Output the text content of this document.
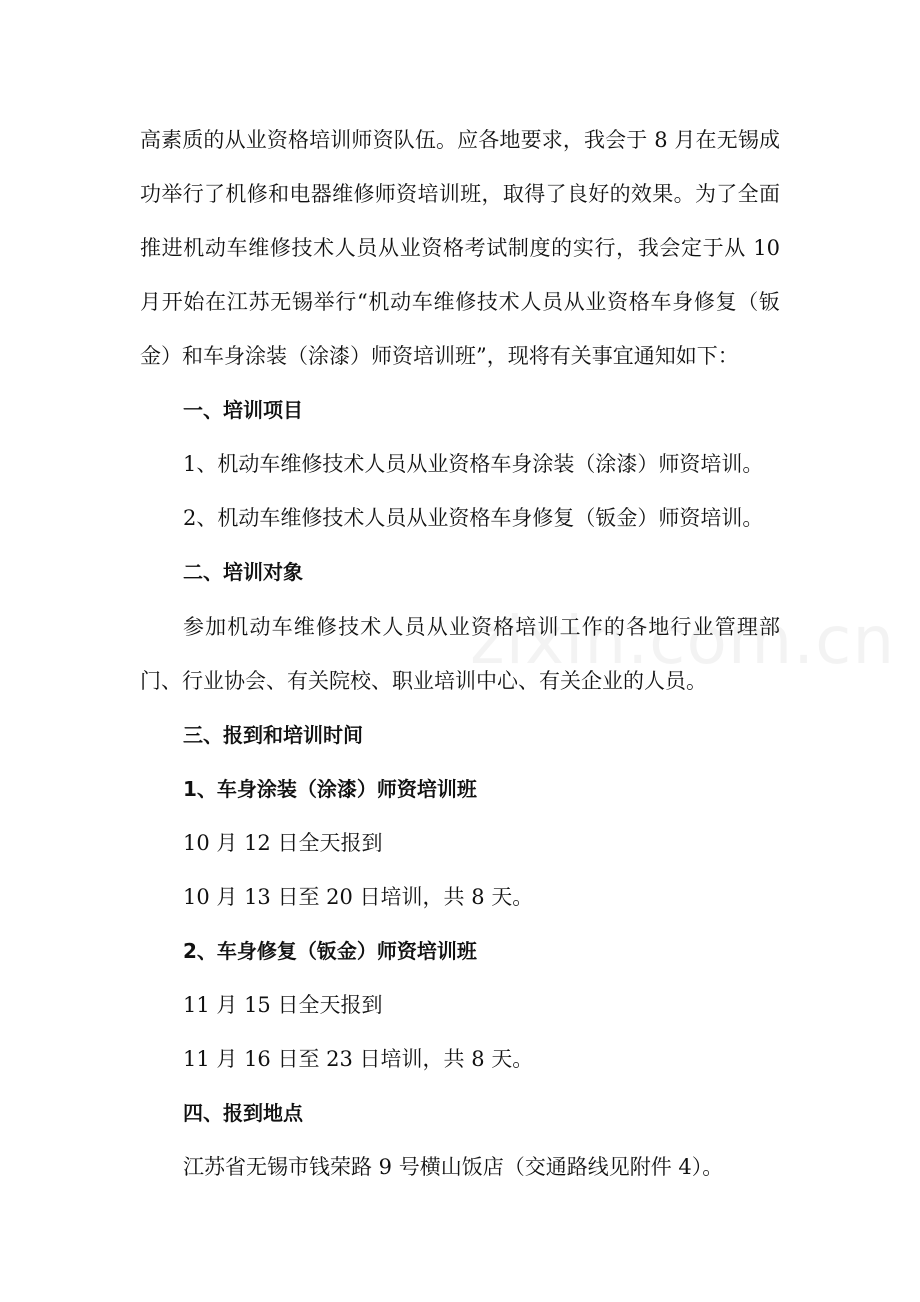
高素质的从业资格培训师资队伍。应各地要求，我会于 8 月在无锡成
功举行了机修和电器维修师资培训班，取得了良好的效果。为了全面
推进机动车维修技术人员从业资格考试制度的实行，我会定于从 10
月开始在江苏无锡举行“机动车维修技术人员从业资格车身修复（钣
金）和车身涂装（涂漆）师资培训班”，现将有关事宜通知如下：
一、培训项目
1、机动车维修技术人员从业资格车身涂装（涂漆）师资培训。
2、机动车维修技术人员从业资格车身修复（钣金）师资培训。
二、培训对象
参加机动车维修技术人员从业资格培训工作的各地行业管理部
门、行业协会、有关院校、职业培训中心、有关企业的人员。
三、报到和培训时间
1、车身涂装（涂漆）师资培训班
10 月 12 日全天报到
10 月 13 日至 20 日培训，共 8 天。
2、车身修复（钣金）师资培训班
11 月 15 日全天报到
11 月 16 日至 23 日培训，共 8 天。
四、报到地点
江苏省无锡市钱荣路 9 号横山饭店（交通路线见附件 4）。
